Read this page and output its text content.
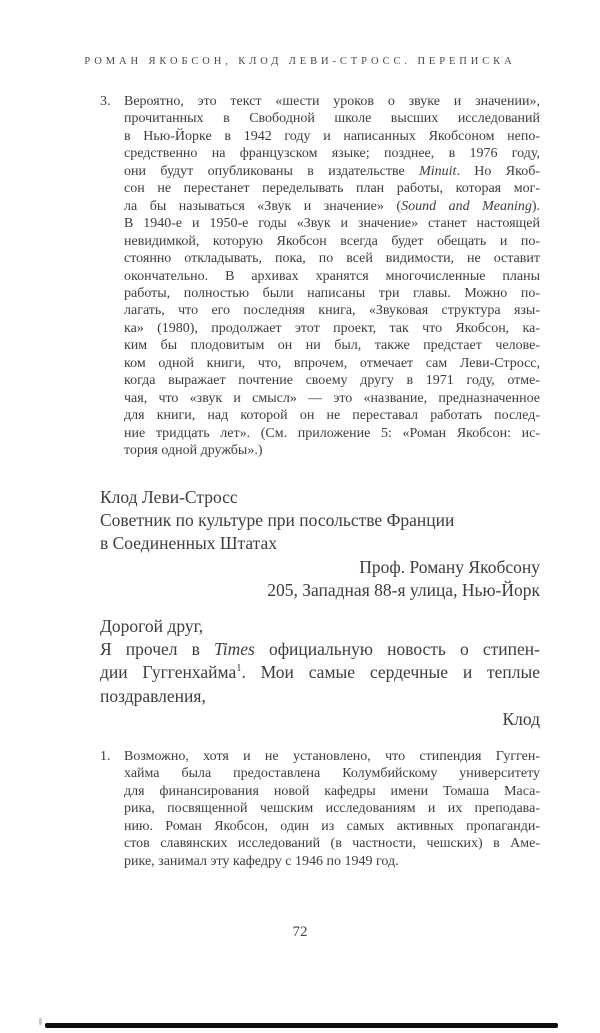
РОМАН ЯКОБСОН, КЛОД ЛЕВИ-СТРОСС. ПЕРЕПИСКА
3. Вероятно, это текст «шести уроков о звуке и значении»,
прочитанных в Свободной школе высших исследований
в Нью-Йорке в 1942 году и написанных Якобсоном непо-
средственно на французском языке; позднее, в 1976 году,
они будут опубликованы в издательстве Minuit. Но Якоб-
сон не перестанет переделывать план работы, которая мог-
ла бы называться «Звук и значение» (Sound and Meaning).
В 1940-е и 1950-е годы «Звук и значение» станет настоящей
невидимкой, которую Якобсон всегда будет обещать и по-
стоянно откладывать, пока, по всей видимости, не оставит
окончательно. В архивах хранятся многочисленные планы
работы, полностью были написаны три главы. Можно по-
лагать, что его последняя книга, «Звуковая структура язы-
ка» (1980), продолжает этот проект, так что Якобсон, ка-
ким бы плодовитым он ни был, также предстает челове-
ком одной книги, что, впрочем, отмечает сам Леви-Стросс,
когда выражает почтение своему другу в 1971 году, отме-
чая, что «звук и смысл» — это «название, предназначенное
для книги, над которой он не переставал работать послед-
ние тридцать лет». (См. приложение 5: «Роман Якобсон: ис-
тория одной дружбы».)
Клод Леви-Стросс
Советник по культуре при посольстве Франции
в Соединенных Штатах
Проф. Роману Якобсону
205, Западная 88-я улица, Нью-Йорк
Дорогой друг,
Я прочел в Times официальную новость о стипен-
дии Гуггенхайма$^1$. Мои самые сердечные и теплые
поздравления,
Клод
1. Возможно, хотя и не установлено, что стипендия Гугген-
хайма была предоставлена Колумбийскому университету
для финансирования новой кафедры имени Томаша Маса-
рика, посвященной чешским исследованиям и их преподава-
нию. Роман Якобсон, один из самых активных пропаганди-
стов славянских исследований (в частности, чешских) в Аме-
рике, занимал эту кафедру с 1946 по 1949 год.
72
